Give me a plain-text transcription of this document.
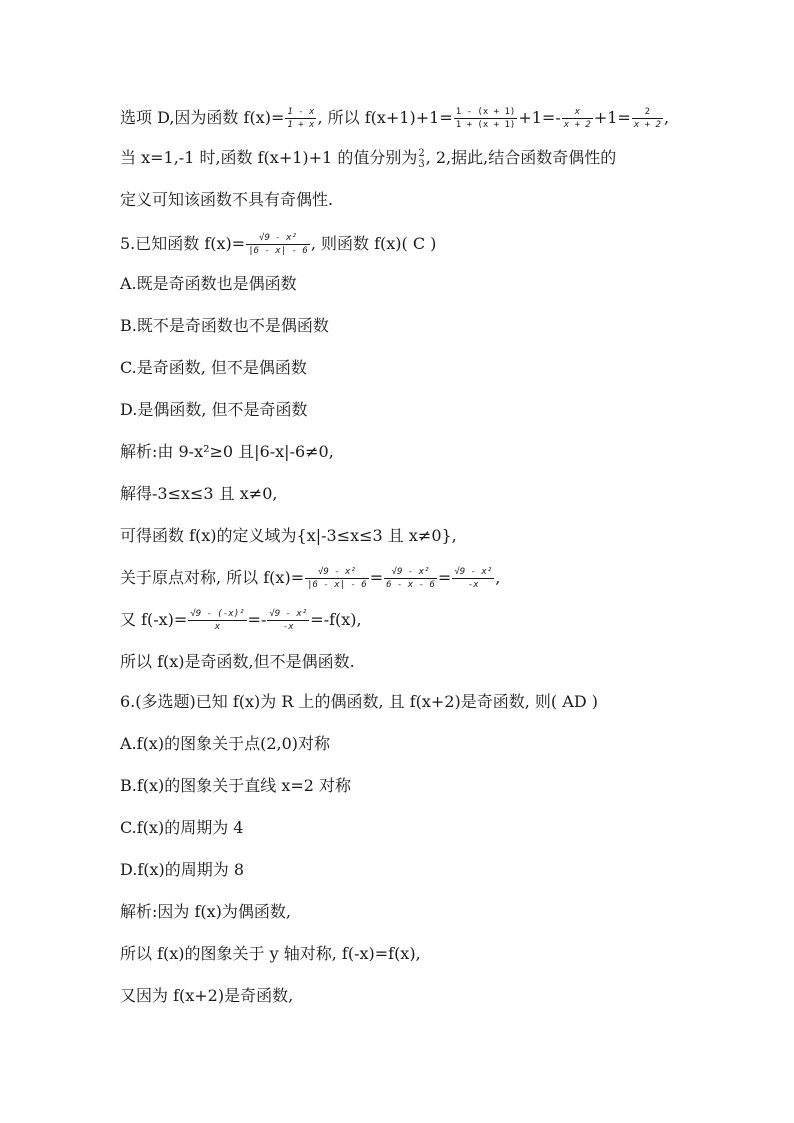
选项 D,因为函数 $f(x)= \frac{1 - x}{1 + x}$ , 所以 $f(x+1)+1= \frac{1 - (x + 1)}{1 + (x + 1)} +1=- \frac{x}{x + 2} +1= \frac{2}{x + 2}$ ,
当 x=1,-1 时,函数 f(x+1)+1 的值分别为 2
3 , 2,据此,结合函数奇偶性的
定义可知该函数不具有奇偶性.
5.已知函数 $f(x)= \frac{\text{√9 - x²}}{|6 - x| - 6}$ , 则函数 f(x)( C )
A.既是奇函数也是偶函数
B.既不是奇函数也不是偶函数
C.是奇函数, 但不是偶函数
D.是偶函数, 但不是奇函数
解析:由 9-x²≥0 且|6-x|-6≠0,
解得-3≤x≤3 且 x≠0,
可得函数 f(x)的定义域为{x|-3≤x≤3 且 x≠0},
关于原点对称, 所以 $f(x)= \frac{\text{√9 - x²}}{|6 - x| - 6} = \frac{\text{√9 - x²}}{6 - x - 6} = \frac{\text{√9 - x²}}{-x}$ ,
又 $f(-x)= \frac{\text{√9 - (-x)²}}{x} =- \frac{\text{√9 - x²}}{-x} =-f(x)$,
所以 f(x)是奇函数,但不是偶函数.
6.(多选题)已知 f(x)为 R 上的偶函数, 且 f(x+2)是奇函数, 则( AD )
A.f(x)的图象关于点(2,0)对称
B.f(x)的图象关于直线 x=2 对称
C.f(x)的周期为 4
D.f(x)的周期为 8
解析:因为 f(x)为偶函数,
所以 f(x)的图象关于 y 轴对称, f(-x)=f(x),
又因为 f(x+2)是奇函数,
